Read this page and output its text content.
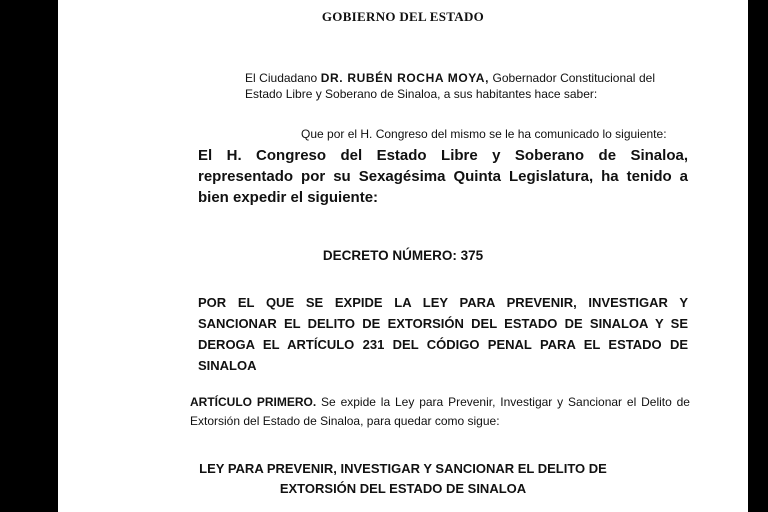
GOBIERNO DEL ESTADO

El Ciudadano DR. RUBÉN ROCHA MOYA, Gobernador Constitucional del Estado Libre y Soberano de Sinaloa, a sus habitantes hace saber:

Que por el H. Congreso del mismo se le ha comunicado lo siguiente:
El H. Congreso del Estado Libre y Soberano de Sinaloa, representado por su Sexagésima Quinta Legislatura, ha tenido a bien expedir el siguiente:
DECRETO NÚMERO: 375
POR EL QUE SE EXPIDE LA LEY PARA PREVENIR, INVESTIGAR Y SANCIONAR EL DELITO DE EXTORSIÓN DEL ESTADO DE SINALOA Y SE DEROGA EL ARTÍCULO 231 DEL CÓDIGO PENAL PARA EL ESTADO DE SINALOA
ARTÍCULO PRIMERO. Se expide la Ley para Prevenir, Investigar y Sancionar el Delito de Extorsión del Estado de Sinaloa, para quedar como sigue:
LEY PARA PREVENIR, INVESTIGAR Y SANCIONAR EL DELITO DE
EXTORSIÓN DEL ESTADO DE SINALOA
